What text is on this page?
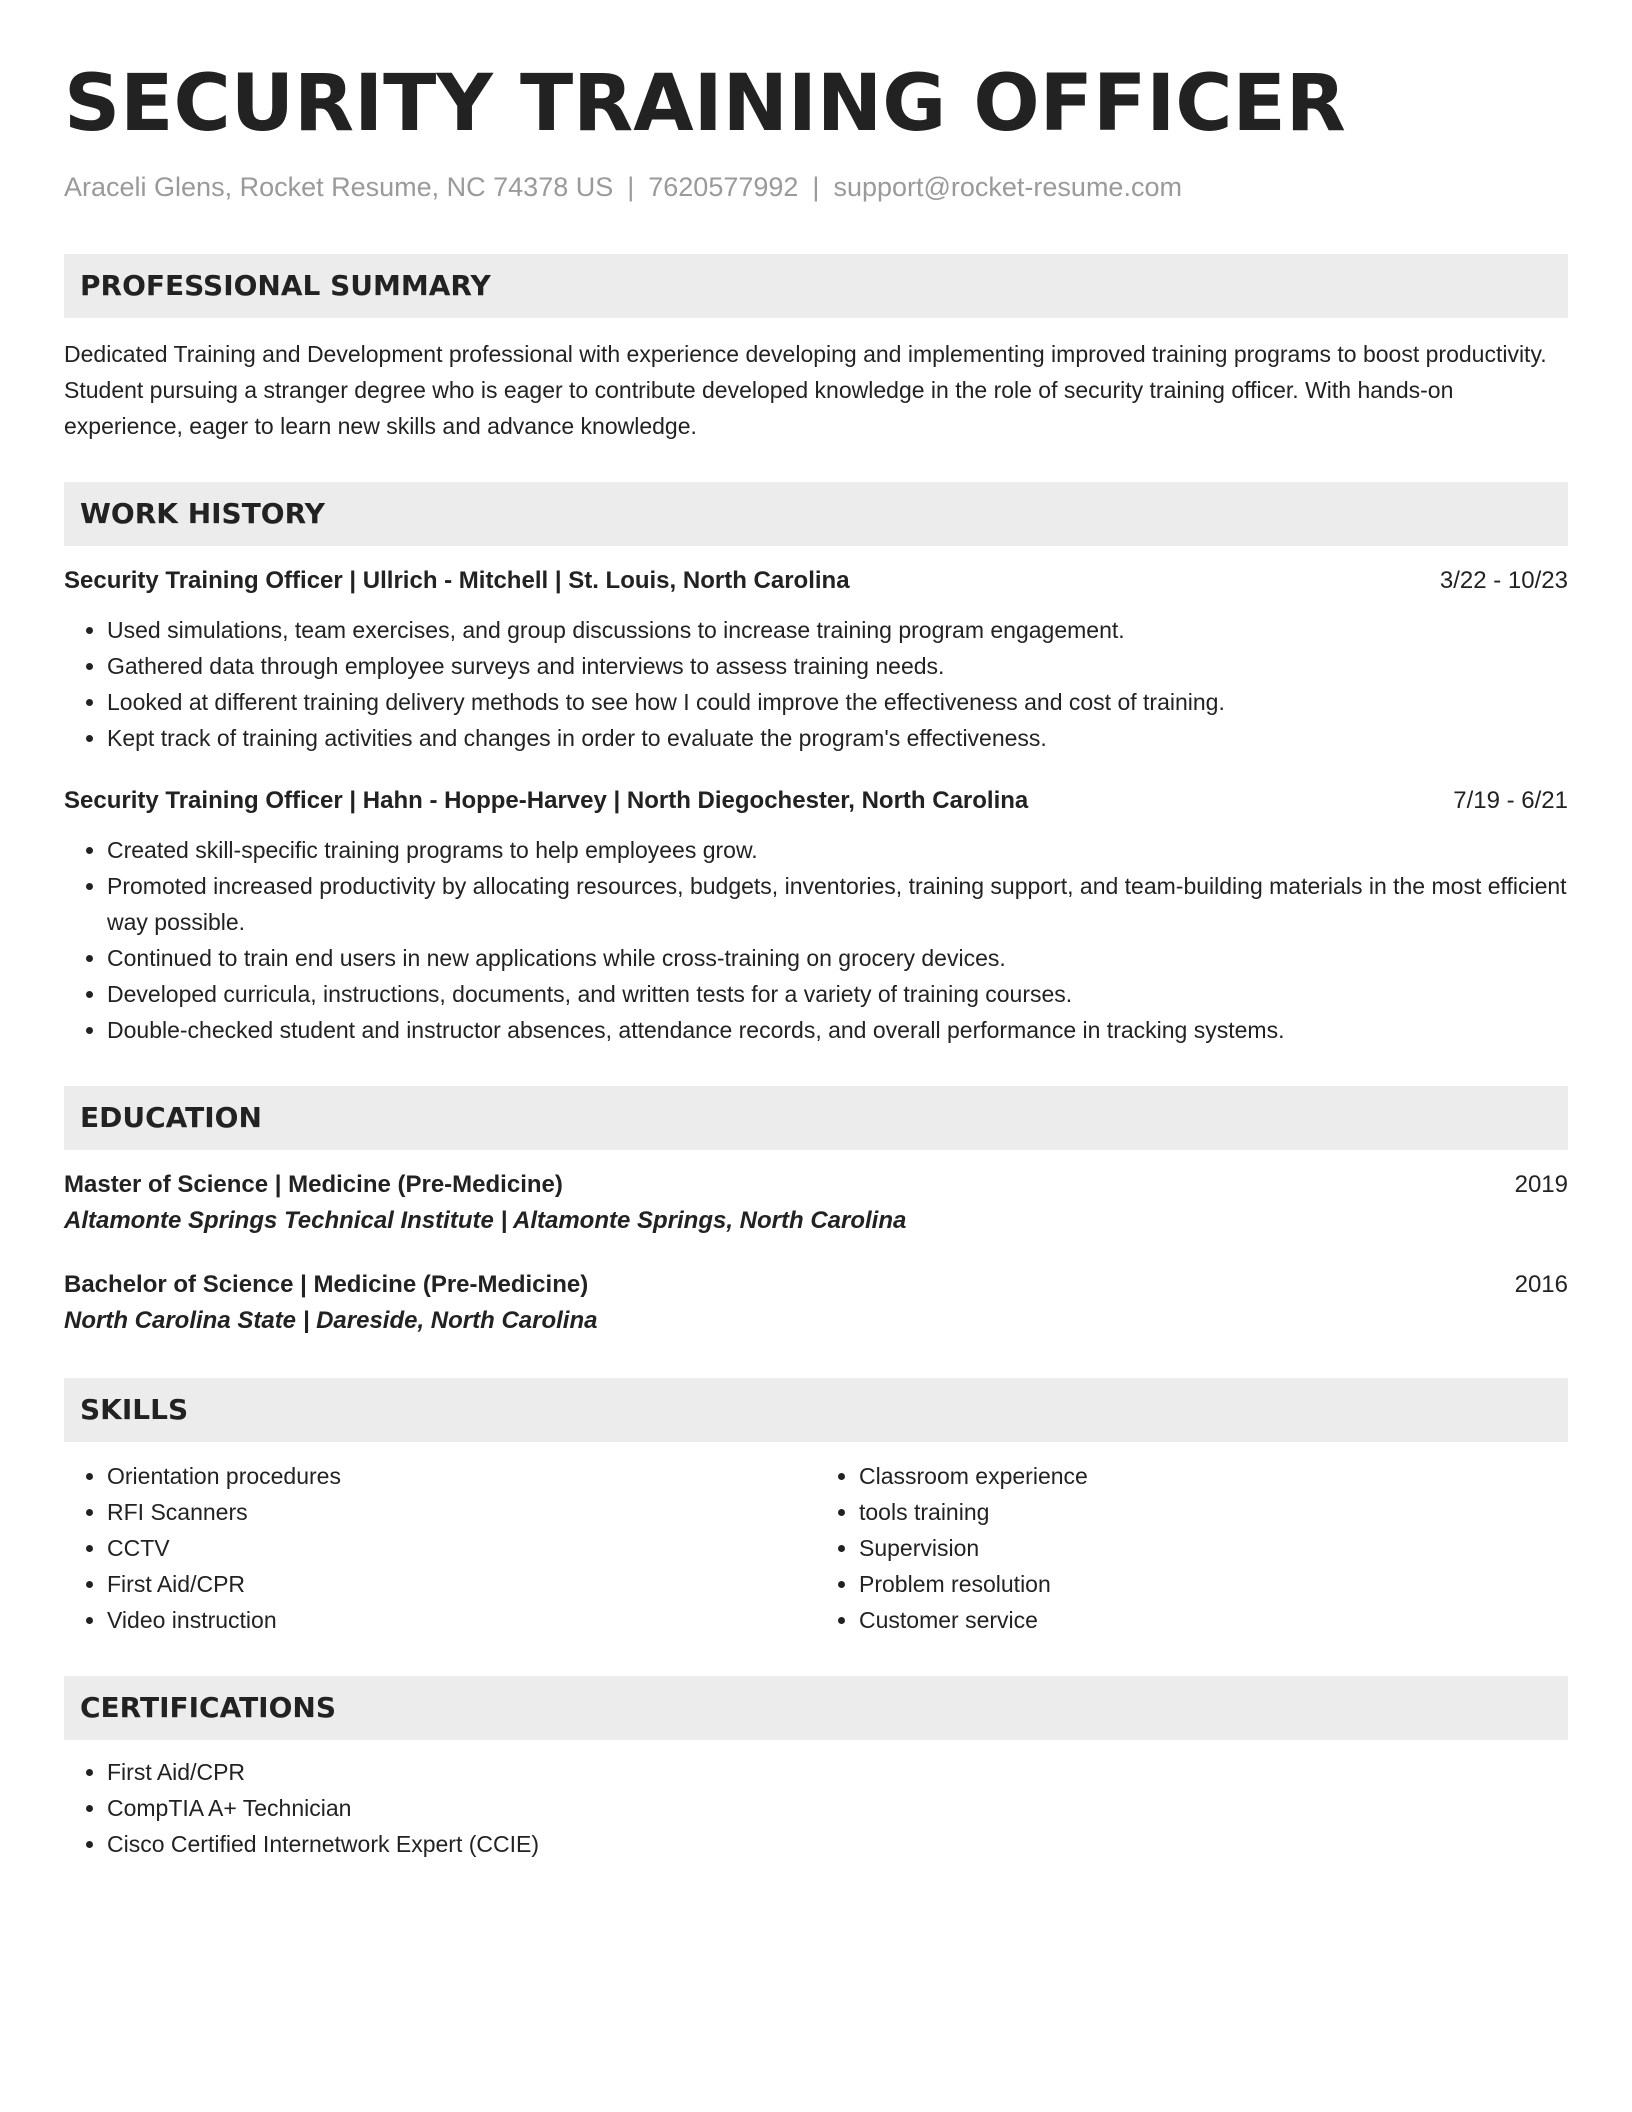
SECURITY TRAINING OFFICER
Araceli Glens, Rocket Resume, NC 74378 US | 7620577992 | support@rocket-resume.com
PROFESSIONAL SUMMARY

Dedicated Training and Development professional with experience developing and implementing improved training programs to boost productivity. Student pursuing a stranger degree who is eager to contribute developed knowledge in the role of security training officer. With hands-on experience, eager to learn new skills and advance knowledge.

WORK HISTORY
Security Training Officer | Ullrich - Mitchell | St. Louis, North Carolina	3/22 - 10/23
• Used simulations, team exercises, and group discussions to increase training program engagement.
• Gathered data through employee surveys and interviews to assess training needs.
• Looked at different training delivery methods to see how I could improve the effectiveness and cost of training.
• Kept track of training activities and changes in order to evaluate the program's effectiveness.
Security Training Officer | Hahn - Hoppe-Harvey | North Diegochester, North Carolina	7/19 - 6/21
• Created skill-specific training programs to help employees grow.
• Promoted increased productivity by allocating resources, budgets, inventories, training support, and team-building materials in the most efficient way possible.
• Continued to train end users in new applications while cross-training on grocery devices.
• Developed curricula, instructions, documents, and written tests for a variety of training courses.
• Double-checked student and instructor absences, attendance records, and overall performance in tracking systems.
EDUCATION
Master of Science | Medicine (Pre-Medicine)	2019
Altamonte Springs Technical Institute | Altamonte Springs, North Carolina
Bachelor of Science | Medicine (Pre-Medicine)	2016
North Carolina State | Dareside, North Carolina
SKILLS
• Orientation procedures
• RFI Scanners
• CCTV
• First Aid/CPR
• Video instruction
• Classroom experience
• tools training
• Supervision
• Problem resolution
• Customer service
CERTIFICATIONS
• First Aid/CPR
• CompTIA A+ Technician
• Cisco Certified Internetwork Expert (CCIE)
